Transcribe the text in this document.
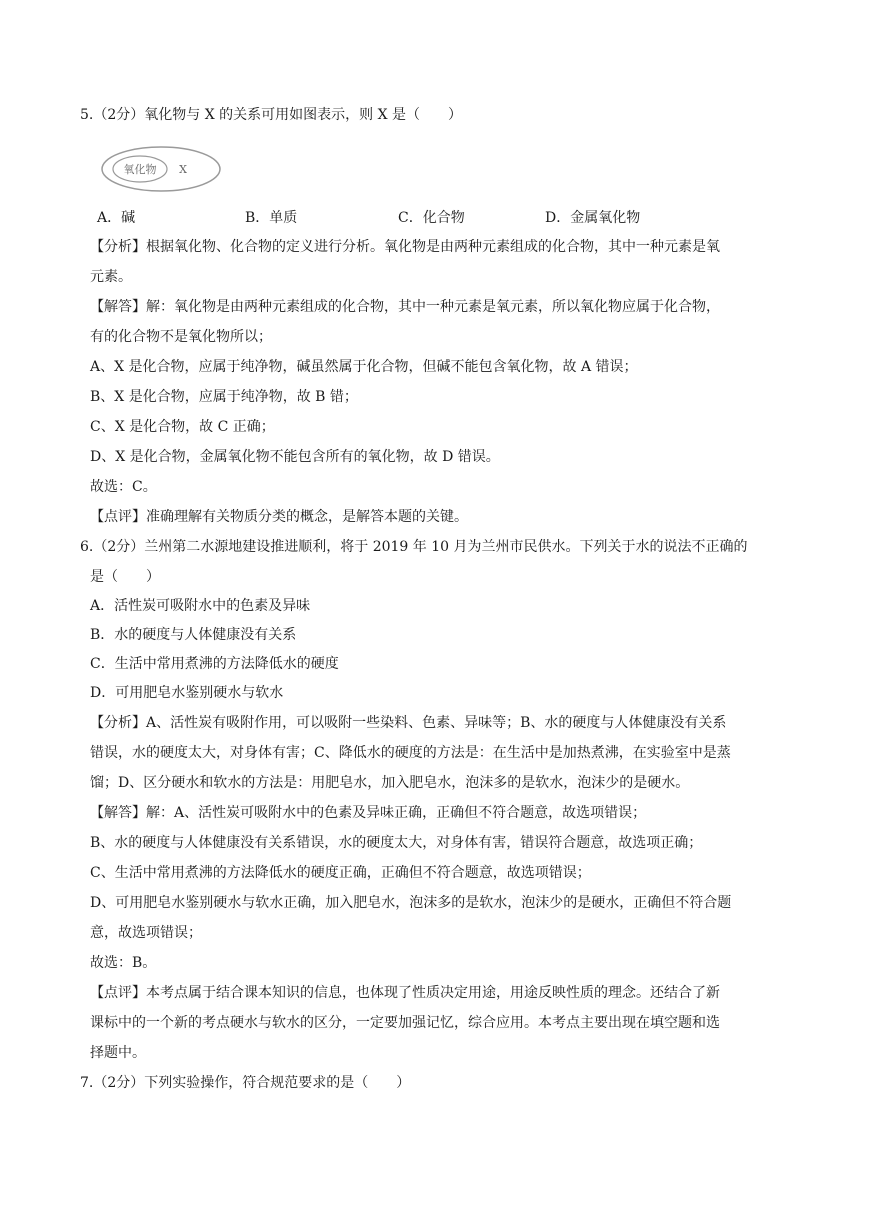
5.（2分）氧化物与 X 的关系可用如图表示，则 X 是（　　）
氧化物 X
A．碱	B．单质	C．化合物	D．金属氧化物
【分析】根据氧化物、化合物的定义进行分析。氧化物是由两种元素组成的化合物，其中一种元素是氧
元素。
【解答】解：氧化物是由两种元素组成的化合物，其中一种元素是氧元素，所以氧化物应属于化合物，
有的化合物不是氧化物所以；
A、X 是化合物，应属于纯净物，碱虽然属于化合物，但碱不能包含氧化物，故 A 错误；
B、X 是化合物，应属于纯净物，故 B 错；
C、X 是化合物，故 C 正确；
D、X 是化合物，金属氧化物不能包含所有的氧化物，故 D 错误。
故选：C。
【点评】准确理解有关物质分类的概念，是解答本题的关键。
6.（2分）兰州第二水源地建设推进顺利，将于 2019 年 10 月为兰州市民供水。下列关于水的说法不正确的
是（　　）
A．活性炭可吸附水中的色素及异味
B．水的硬度与人体健康没有关系
C．生活中常用煮沸的方法降低水的硬度
D．可用肥皂水鉴别硬水与软水
【分析】A、活性炭有吸附作用，可以吸附一些染料、色素、异味等；B、水的硬度与人体健康没有关系
错误，水的硬度太大，对身体有害；C、降低水的硬度的方法是：在生活中是加热煮沸，在实验室中是蒸
馏；D、区分硬水和软水的方法是：用肥皂水，加入肥皂水，泡沫多的是软水，泡沫少的是硬水。
【解答】解：A、活性炭可吸附水中的色素及异味正确，正确但不符合题意，故选项错误；
B、水的硬度与人体健康没有关系错误，水的硬度太大，对身体有害，错误符合题意，故选项正确；
C、生活中常用煮沸的方法降低水的硬度正确，正确但不符合题意，故选项错误；
D、可用肥皂水鉴别硬水与软水正确，加入肥皂水，泡沫多的是软水，泡沫少的是硬水，正确但不符合题
意，故选项错误；
故选：B。
【点评】本考点属于结合课本知识的信息，也体现了性质决定用途，用途反映性质的理念。还结合了新
课标中的一个新的考点硬水与软水的区分，一定要加强记忆，综合应用。本考点主要出现在填空题和选
择题中。
7.（2分）下列实验操作，符合规范要求的是（　　）
